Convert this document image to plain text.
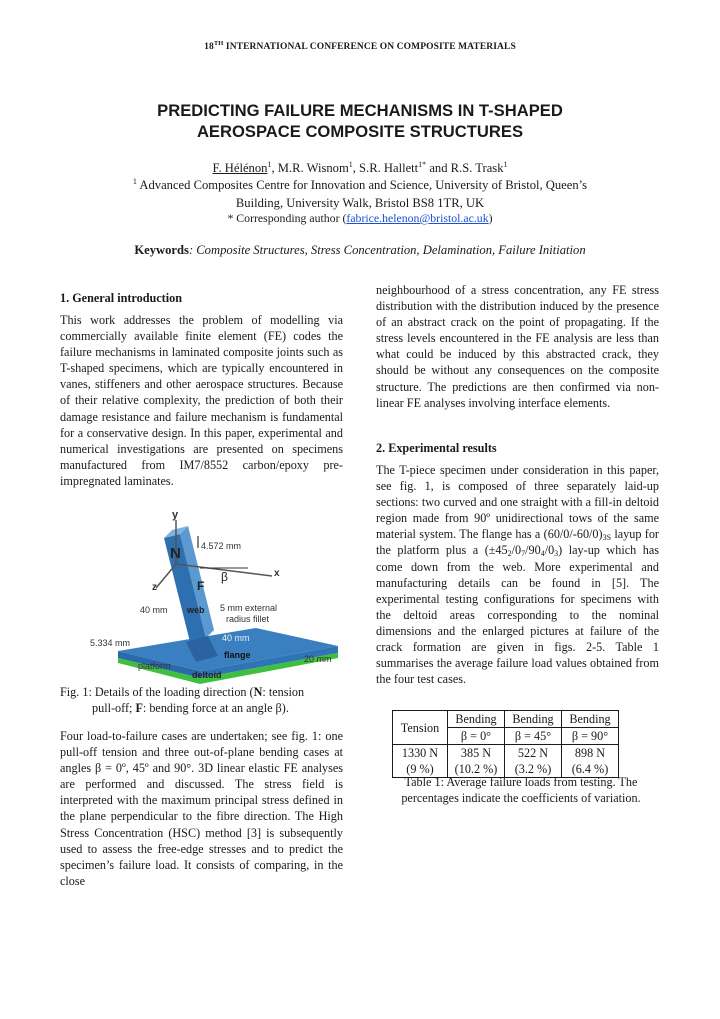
18TH INTERNATIONAL CONFERENCE ON COMPOSITE MATERIALS
PREDICTING FAILURE MECHANISMS IN T-SHAPED
AEROSPACE COMPOSITE STRUCTURES
F. Hélénon$^1$, M.R. Wisnom$^1$, S.R. Hallett$^{1*}$ and R.S. Trask$^1$
$^1$ Advanced Composites Centre for Innovation and Science, University of Bristol, Queen’s
Building, University Walk, Bristol BS8 1TR, UK
* Corresponding author (fabrice.helenon@bristol.ac.uk)
Keywords: Composite Structures, Stress Concentration, Delamination, Failure Initiation
1. General introduction
This work addresses the problem of modelling via commercially available finite element (FE) codes the failure mechanisms in laminated composite joints such as T-shaped specimens, which are typically encountered in vanes, stiffeners and other aerospace structures. Because of their relative complexity, the prediction of both their damage resistance and failure mechanism is fundamental for a conservative design. In this paper, experimental and numerical investigations are presented on specimens manufactured from IM7/8552 carbon/epoxy pre-impregnated laminates.
y
x
z
N
β
F
4.572 mm
40 mm web 5 mm external
radius fillet
40 mm
flange
5.334 mm
20 mm
platform
deltoid
Fig. 1: Details of the loading direction (N: tension
pull-off; F: bending force at an angle β).
Four load-to-failure cases are undertaken; see fig. 1: one pull-off tension and three out-of-plane bending cases at angles β = 0º, 45º and 90°. 3D linear elastic FE analyses are performed and discussed. The stress field is interpreted with the maximum principal stress defined in the plane perpendicular to the fibre direction. The High Stress Concentration (HSC) method [3] is subsequently used to assess the free-edge stresses and to predict the specimen’s failure load. It consists of comparing, in the close
neighbourhood of a stress concentration, any FE stress distribution with the distribution induced by the presence of an abstract crack on the point of propagating. If the stress levels encountered in the FE analysis are less than what could be induced by this abstracted crack, they should be without any consequences on the composite structure. The predictions are then confirmed via non-linear FE analyses involving interface elements.
2. Experimental results
The T-piece specimen under consideration in this paper, see fig. 1, is composed of three separately laid-up sections: two curved and one straight with a fill-in deltoid region made from 90º unidirectional tows of the same material system. The flange has a $(60/0/-60/0)_{3S}$ layup for the platform plus a $(\pm 45_2/0_7/90_4/0_3)$ lay-up which has come down from the web. More experimental and manufacturing details can be found in [5]. The experimental testing configurations for specimens with the deltoid areas corresponding to the nominal dimensions and the enlarged pictures at failure of the crack formation are given in figs. 2-5. Table 1 summarises the average failure load values obtained from the four test cases.
Tension	Bending	Bending	Bending
	β = 0°	β = 45°	β = 90°
1330 N	385 N	522 N	898 N
(9 %)	(10.2 %)	(3.2 %)	(6.4 %)
Table 1: Average failure loads from testing. The
percentages indicate the coefficients of variation.
